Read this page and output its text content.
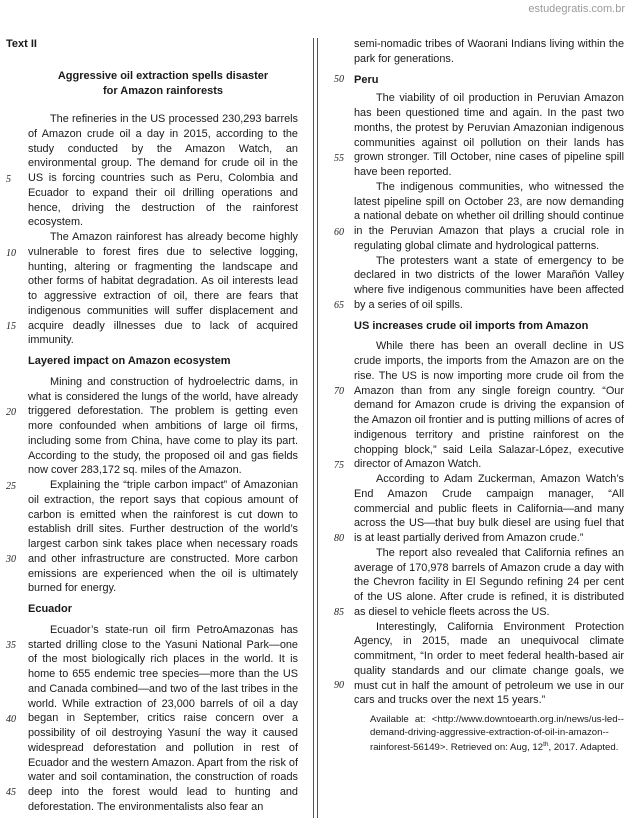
estudegratis.com.br
Text II

Aggressive oil extraction spells disaster

for Amazon rainforests

The refineries in the US processed 230,293 barrels of Amazon crude oil a day in 2015, according to the study conducted by the Amazon Watch, an environmental group. The demand for crude oil in the US is forcing countries such as Peru, Colombia and Ecuador to expand their oil drilling operations and hence, driving the destruction of the rainforest ecosystem.

The Amazon rainforest has already become highly vulnerable to forest fires due to selective logging, hunting, altering or fragmenting the landscape and other forms of habitat degradation. As oil interests lead to aggressive extraction of oil, there are fears that indigenous communities will suffer displacement and acquire deadly illnesses due to lack of acquired immunity.

Layered impact on Amazon ecosystem

Mining and construction of hydroelectric dams, in what is considered the lungs of the world, have already triggered deforestation. The problem is getting even more confounded when ambitions of large oil firms, including some from China, have come to play its part. According to the study, the proposed oil and gas fields now cover 283,172 sq. miles of the Amazon.

Explaining the “triple carbon impact” of Amazonian oil extraction, the report says that copious amount of carbon is emitted when the rainforest is cut down to establish drill sites. Further destruction of the world’s largest carbon sink takes place when necessary roads and other infrastructure are constructed. More carbon emissions are experienced when the oil is ultimately burned for energy.

Ecuador

Ecuador’s state-run oil firm PetroAmazonas has started drilling close to the Yasuni National Park—one of the most biologically rich places in the world. It is home to 655 endemic tree species—more than the US and Canada combined—and two of the last tribes in the world. While extraction of 23,000 barrels of oil a day began in September, critics raise concern over a possibility of oil destroying Yasuní the way it caused widespread deforestation and pollution in rest of Ecuador and the western Amazon. Apart from the risk of water and soil contamination, the construction of roads deep into the forest would lead to hunting and deforestation. The environmentalists also fear an

semi-nomadic tribes of Waorani Indians living within the park for generations.

Peru

The viability of oil production in Peruvian Amazon has been questioned time and again. In the past two months, the protest by Peruvian Amazonian indigenous communities against oil pollution on their lands has grown stronger. Till October, nine cases of pipeline spill have been reported.

The indigenous communities, who witnessed the latest pipeline spill on October 23, are now demanding a national debate on whether oil drilling should continue in the Peruvian Amazon that plays a crucial role in regulating global climate and hydrological patterns.

The protesters want a state of emergency to be declared in two districts of the lower Marañón Valley where five indigenous communities have been affected by a series of oil spills.

US increases crude oil imports from Amazon

While there has been an overall decline in US crude imports, the imports from the Amazon are on the rise. The US is now importing more crude oil from the Amazon than from any single foreign country. “Our demand for Amazon crude is driving the expansion of the Amazon oil frontier and is putting millions of acres of indigenous territory and pristine rainforest on the chopping block,” said Leila Salazar-López, executive director of Amazon Watch.

According to Adam Zuckerman, Amazon Watch’s End Amazon Crude campaign manager, “All commercial and public fleets in California—and many across the US—that buy bulk diesel are using fuel that is at least partially derived from Amazon crude.”

The report also revealed that California refines an average of 170,978 barrels of Amazon crude a day with the Chevron facility in El Segundo refining 24 per cent of the US alone. After crude is refined, it is distributed as diesel to vehicle fleets across the US.

Interestingly, California Environment Protection Agency, in 2015, made an unequivocal climate commitment, “In order to meet federal health-based air quality standards and our climate change goals, we must cut in half the amount of petroleum we use in our cars and trucks over the next 15 years.”

Available at: <http://www.downtoearth.org.in/news/us-led--demand-driving-aggressive-extraction-of-oil-in-amazon--rainforest-56149>. Retrieved on: Aug, 12th, 2017. Adapted.

5
10
15
20
25
30
35
40
45
50
55
60
65
70
75
80
85
90
